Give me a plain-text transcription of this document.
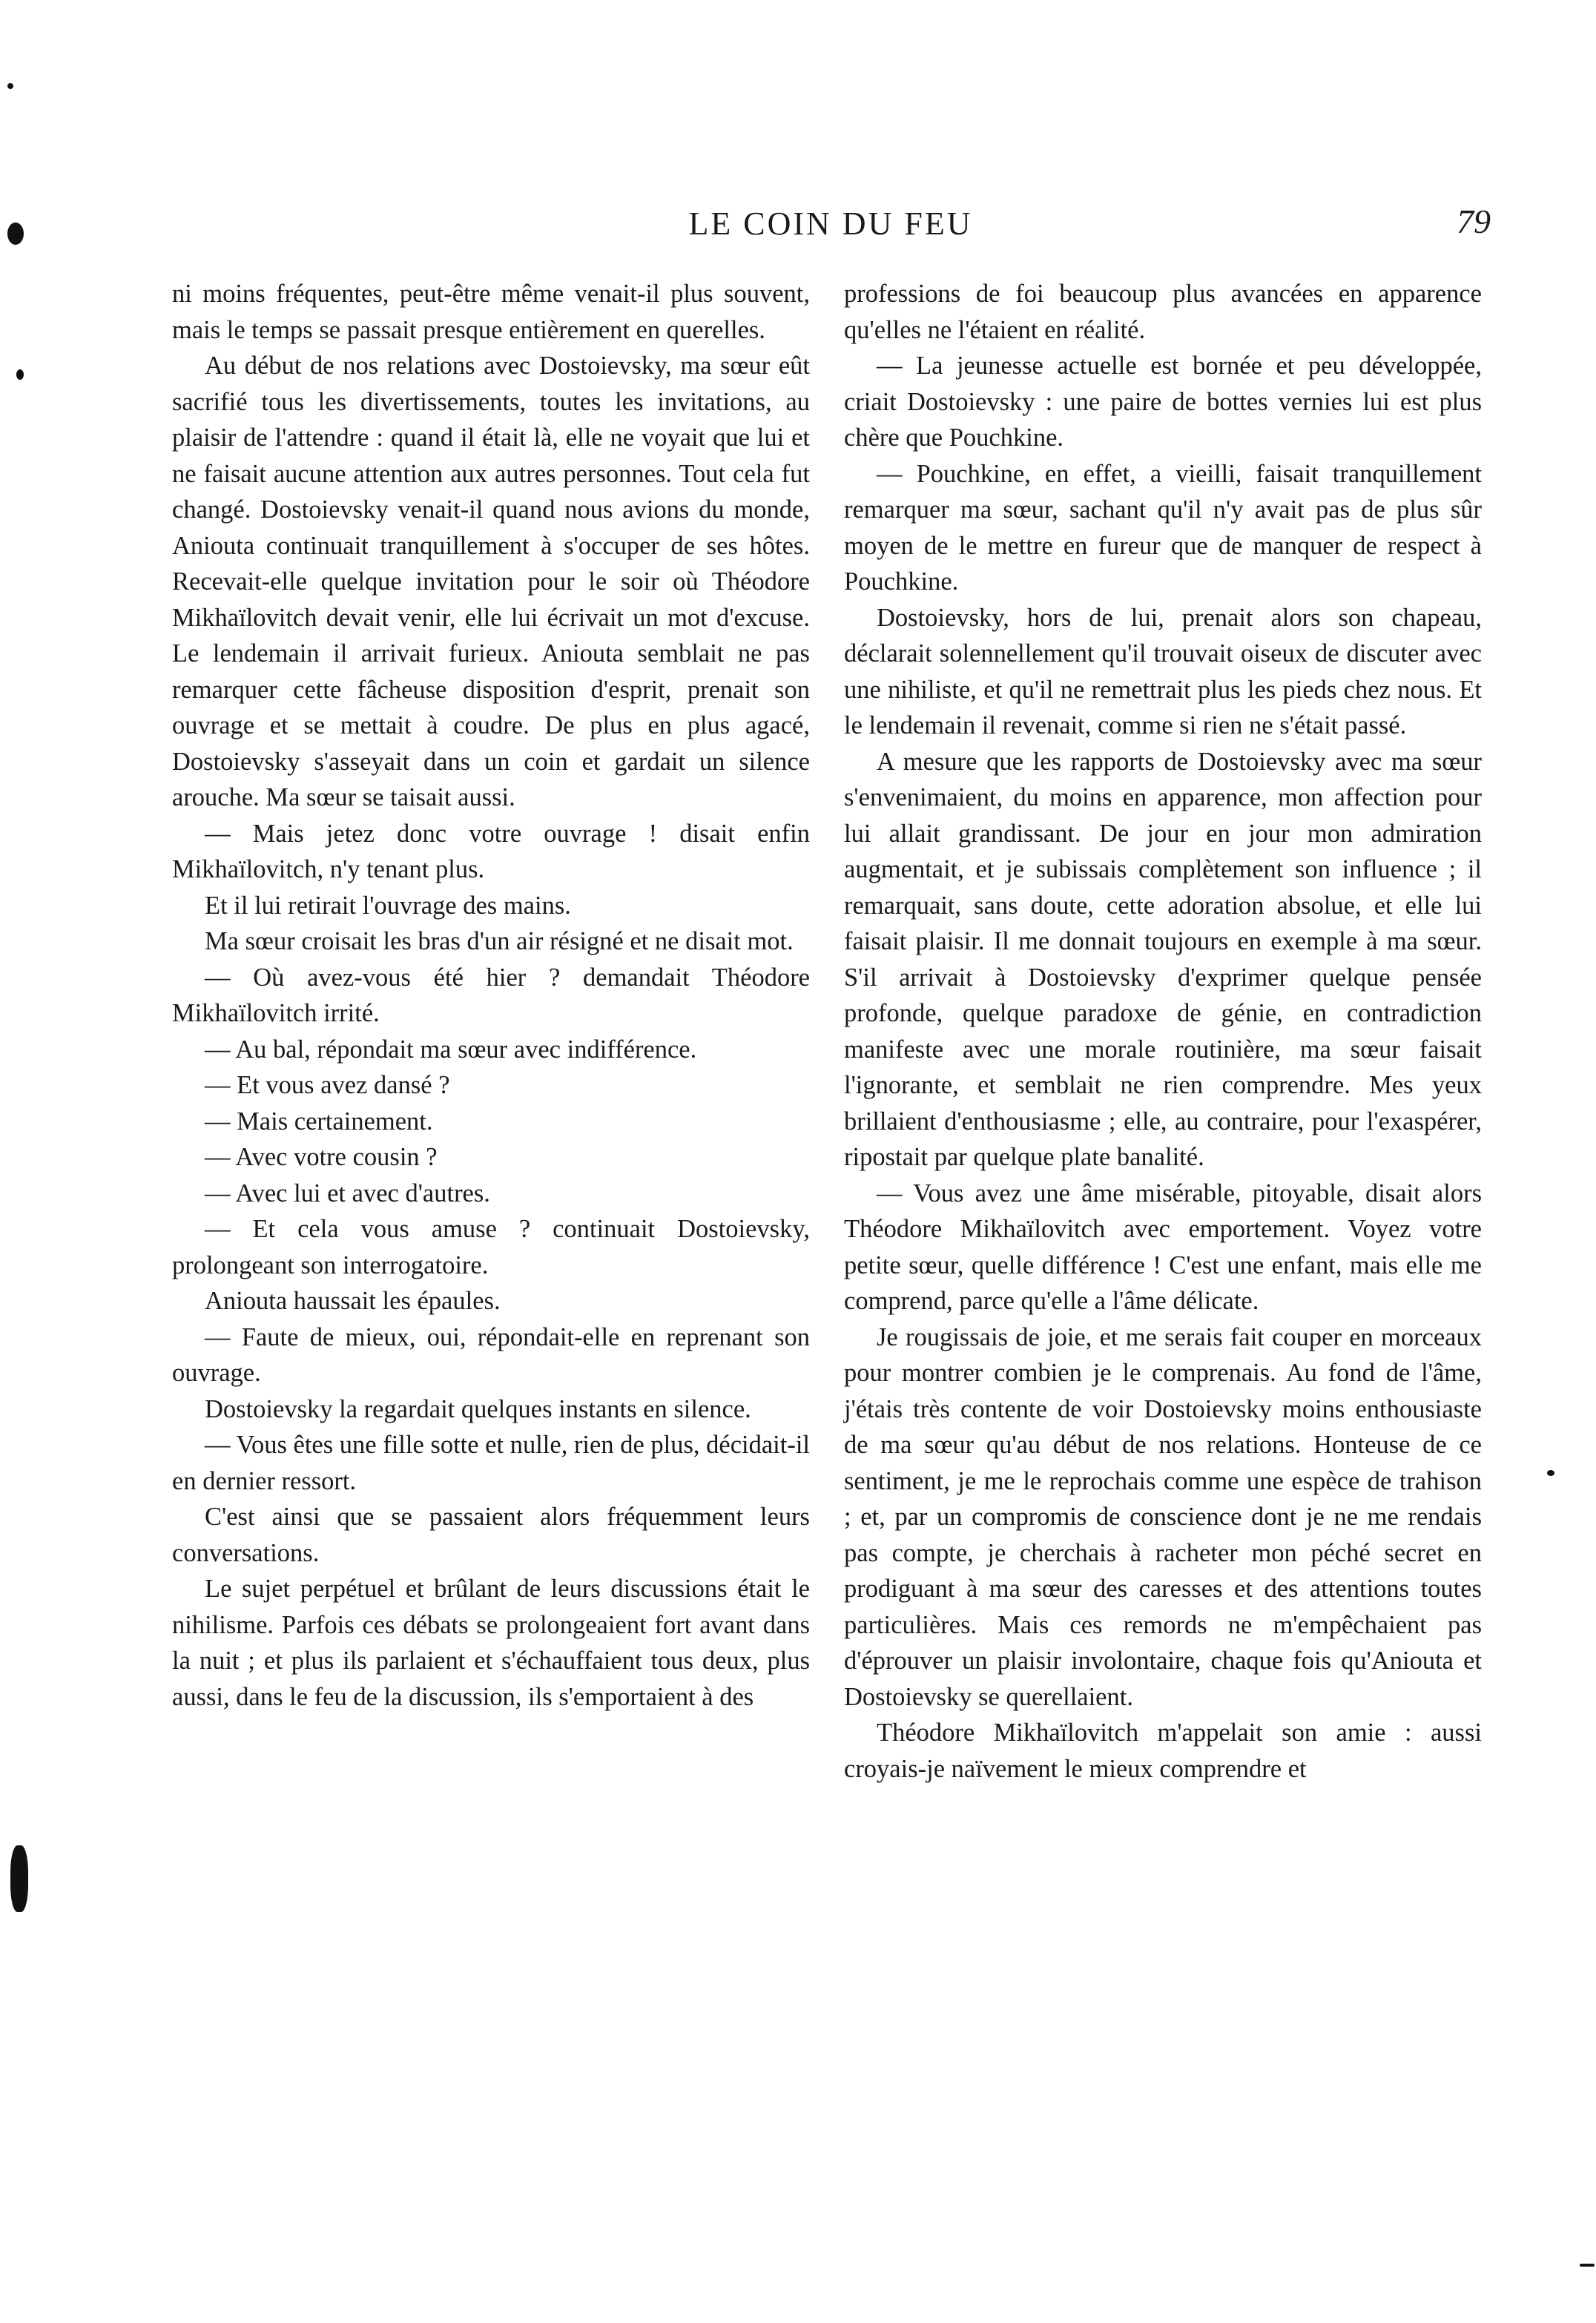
LE COIN DU FEU	79

ni moins fréquentes, peut-être même venait-il plus souvent, mais le temps se passait presque entièrement en querelles.

Au début de nos relations avec Dostoievsky, ma sœur eût sacrifié tous les divertissements, toutes les invitations, au plaisir de l'attendre : quand il était là, elle ne voyait que lui et ne faisait aucune attention aux autres personnes. Tout cela fut changé. Dostoievsky venait-il quand nous avions du monde, Aniouta continuait tranquillement à s'occuper de ses hôtes. Recevait-elle quelque invitation pour le soir où Théodore Mikhaïlovitch devait venir, elle lui écrivait un mot d'excuse. Le lendemain il arrivait furieux. Aniouta semblait ne pas remarquer cette fâcheuse disposition d'esprit, prenait son ouvrage et se mettait à coudre. De plus en plus agacé, Dostoievsky s'asseyait dans un coin et gardait un silence arouche. Ma sœur se taisait aussi.

— Mais jetez donc votre ouvrage ! disait enfin Mikhaïlovitch, n'y tenant plus.

Et il lui retirait l'ouvrage des mains.

Ma sœur croisait les bras d'un air résigné et ne disait mot.

— Où avez-vous été hier ? demandait Théodore Mikhaïlovitch irrité.

— Au bal, répondait ma sœur avec indifférence.

— Et vous avez dansé ?

— Mais certainement.

— Avec votre cousin ?

— Avec lui et avec d'autres.

— Et cela vous amuse ? continuait Dostoievsky, prolongeant son interrogatoire.

Aniouta haussait les épaules.

— Faute de mieux, oui, répondait-elle en reprenant son ouvrage.

Dostoievsky la regardait quelques instants en silence.

— Vous êtes une fille sotte et nulle, rien de plus, décidait-il en dernier ressort.

C'est ainsi que se passaient alors fréquemment leurs conversations.

Le sujet perpétuel et brûlant de leurs discussions était le nihilisme. Parfois ces débats se prolongeaient fort avant dans la nuit ; et plus ils parlaient et s'échauffaient tous deux, plus aussi, dans le feu de la discussion, ils s'emportaient à des

professions de foi beaucoup plus avancées en apparence qu'elles ne l'étaient en réalité.

— La jeunesse actuelle est bornée et peu développée, criait Dostoievsky : une paire de bottes vernies lui est plus chère que Pouchkine.

— Pouchkine, en effet, a vieilli, faisait tranquillement remarquer ma sœur, sachant qu'il n'y avait pas de plus sûr moyen de le mettre en fureur que de manquer de respect à Pouchkine.

Dostoievsky, hors de lui, prenait alors son chapeau, déclarait solennellement qu'il trouvait oiseux de discuter avec une nihiliste, et qu'il ne remettrait plus les pieds chez nous. Et le lendemain il revenait, comme si rien ne s'était passé.

A mesure que les rapports de Dostoievsky avec ma sœur s'envenimaient, du moins en apparence, mon affection pour lui allait grandissant. De jour en jour mon admiration augmentait, et je subissais complètement son influence ; il remarquait, sans doute, cette adoration absolue, et elle lui faisait plaisir. Il me donnait toujours en exemple à ma sœur. S'il arrivait à Dostoievsky d'exprimer quelque pensée profonde, quelque paradoxe de génie, en contradiction manifeste avec une morale routinière, ma sœur faisait l'ignorante, et semblait ne rien comprendre. Mes yeux brillaient d'enthousiasme ; elle, au contraire, pour l'exaspérer, ripostait par quelque plate banalité.

— Vous avez une âme misérable, pitoyable, disait alors Théodore Mikhaïlovitch avec emportement. Voyez votre petite sœur, quelle différence ! C'est une enfant, mais elle me comprend, parce qu'elle a l'âme délicate.

Je rougissais de joie, et me serais fait couper en morceaux pour montrer combien je le comprenais. Au fond de l'âme, j'étais très contente de voir Dostoievsky moins enthousiaste de ma sœur qu'au début de nos relations. Honteuse de ce sentiment, je me le reprochais comme une espèce de trahison ; et, par un compromis de conscience dont je ne me rendais pas compte, je cherchais à racheter mon péché secret en prodiguant à ma sœur des caresses et des attentions toutes particulières. Mais ces remords ne m'empêchaient pas d'éprouver un plaisir involontaire, chaque fois qu'Aniouta et Dostoievsky se querellaient.

Théodore Mikhaïlovitch m'appelait son amie : aussi croyais-je naïvement le mieux comprendre et
